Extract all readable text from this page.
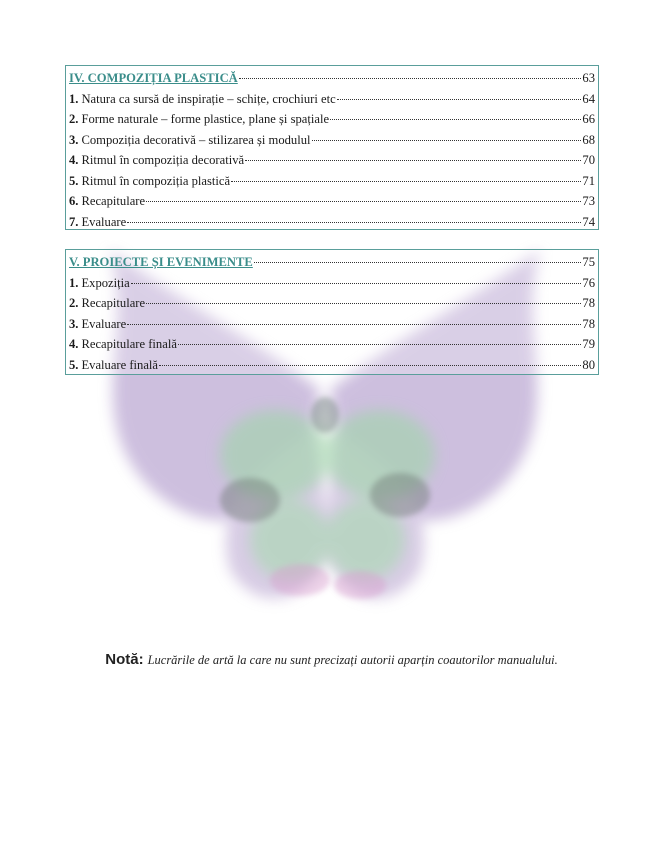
IV. COMPOZIȚIA PLASTICĂ	63
1. Natura ca sursă de inspirație – schițe, crochiuri etc	64
2. Forme naturale – forme plastice, plane și spațiale	66
3. Compoziția decorativă – stilizarea și modulul	68
4. Ritmul în compoziția decorativă	70
5. Ritmul în compoziția plastică	71
6. Recapitulare	73
7. Evaluare	74
V. PROIECTE ȘI EVENIMENTE	75
1. Expoziția	76
2. Recapitulare	78
3. Evaluare	78
4. Recapitulare finală	79
5. Evaluare finală	80
Notă: Lucrările de artă la care nu sunt precizați autorii aparțin coautorilor manualului.
